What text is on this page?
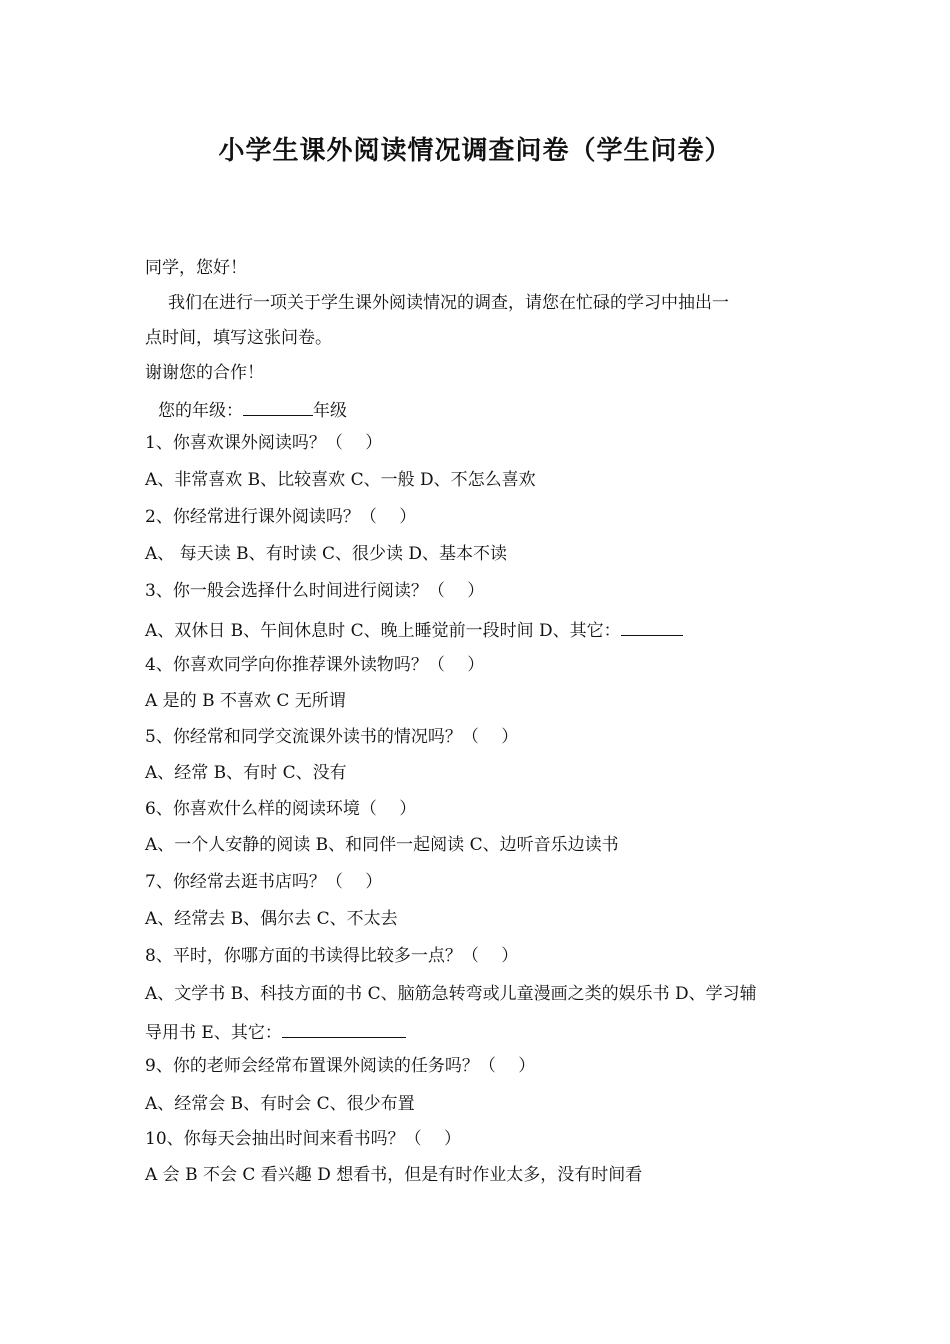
小学生课外阅读情况调查问卷（学生问卷）
同学，您好！
我们在进行一项关于学生课外阅读情况的调查，请您在忙碌的学习中抽出一
点时间，填写这张问卷。
谢谢您的合作！
您的年级：	年级
1、你喜欢课外阅读吗？（　 ）
A、非常喜欢 B、比较喜欢 C、一般 D、不怎么喜欢
2、你经常进行课外阅读吗？（　 ）
A、 每天读 B、有时读 C、很少读 D、基本不读
3、你一般会选择什么时间进行阅读？（　 ）
A、双休日 B、午间休息时 C、晚上睡觉前一段时间 D、其它：
4、你喜欢同学向你推荐课外读物吗？（　 ）
A 是的 B 不喜欢 C 无所谓
5、你经常和同学交流课外读书的情况吗？（　 ）
A、经常 B、有时 C、没有
6、你喜欢什么样的阅读环境（　 ）
A、一个人安静的阅读 B、和同伴一起阅读 C、边听音乐边读书
7、你经常去逛书店吗？（　 ）
A、经常去 B、偶尔去 C、不太去
8、平时，你哪方面的书读得比较多一点？（　 ）
A、文学书 B、科技方面的书 C、脑筋急转弯或儿童漫画之类的娱乐书 D、学习辅
导用书 E、其它：
9、你的老师会经常布置课外阅读的任务吗？（　 ）
A、经常会 B、有时会 C、很少布置
10、你每天会抽出时间来看书吗？（　 ）
A 会 B 不会 C 看兴趣 D 想看书，但是有时作业太多，没有时间看
